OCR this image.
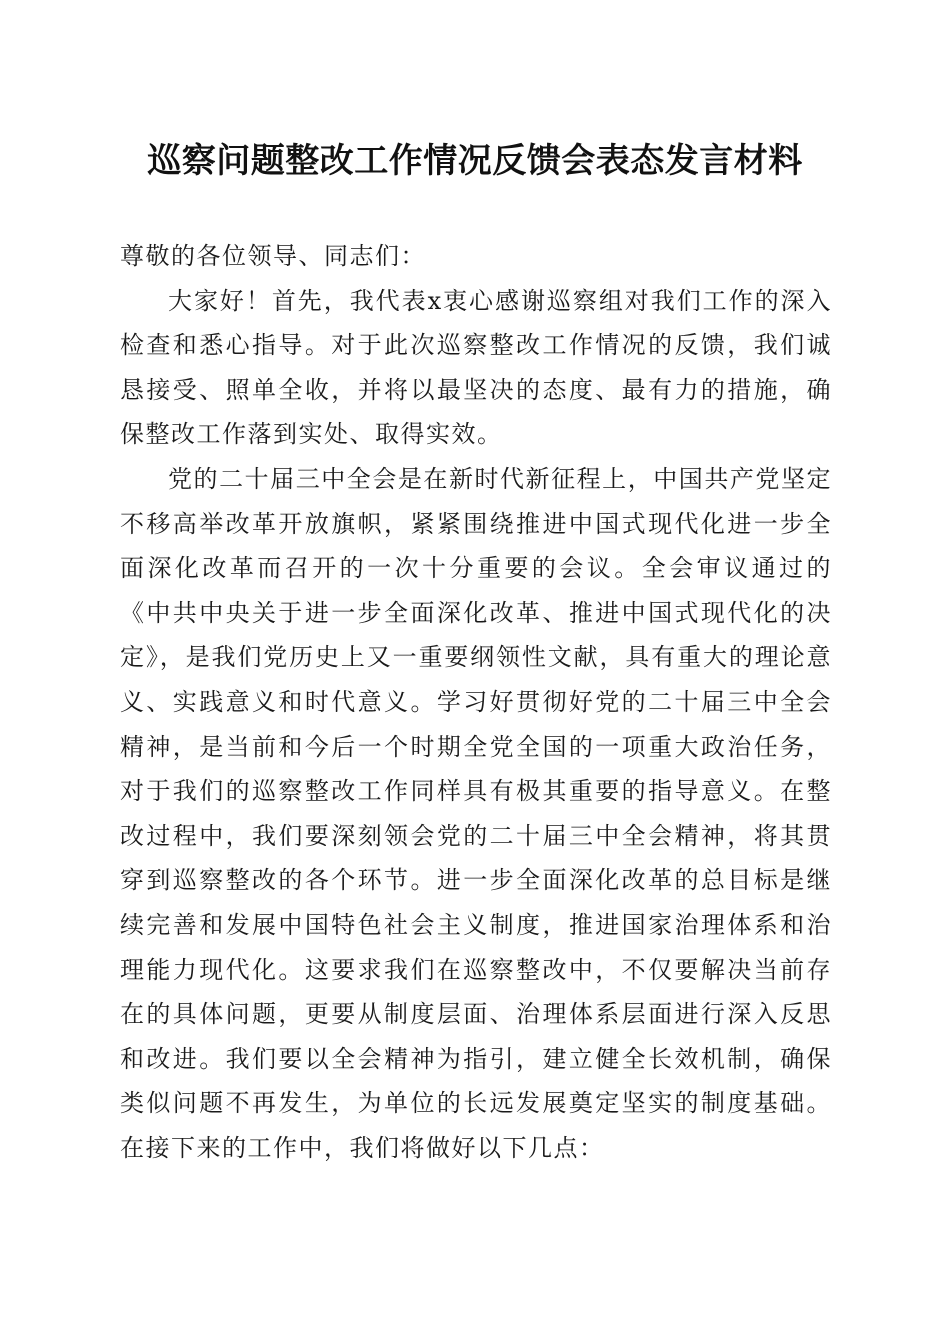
巡察问题整改工作情况反馈会表态发言材料

尊敬的各位领导、同志们：

大家好！首先，我代表x衷心感谢巡察组对我们工作的深入检查和悉心指导。对于此次巡察整改工作情况的反馈，我们诚恳接受、照单全收，并将以最坚决的态度、最有力的措施，确保整改工作落到实处、取得实效。

党的二十届三中全会是在新时代新征程上，中国共产党坚定不移高举改革开放旗帜，紧紧围绕推进中国式现代化进一步全面深化改革而召开的一次十分重要的会议。全会审议通过的《中共中央关于进一步全面深化改革、推进中国式现代化的决定》，是我们党历史上又一重要纲领性文献，具有重大的理论意义、实践意义和时代意义。学习好贯彻好党的二十届三中全会精神，是当前和今后一个时期全党全国的一项重大政治任务，对于我们的巡察整改工作同样具有极其重要的指导意义。在整改过程中，我们要深刻领会党的二十届三中全会精神，将其贯穿到巡察整改的各个环节。进一步全面深化改革的总目标是继续完善和发展中国特色社会主义制度，推进国家治理体系和治理能力现代化。这要求我们在巡察整改中，不仅要解决当前存在的具体问题，更要从制度层面、治理体系层面进行深入反思和改进。我们要以全会精神为指引，建立健全长效机制，确保类似问题不再发生，为单位的长远发展奠定坚实的制度基础。在接下来的工作中，我们将做好以下几点：
